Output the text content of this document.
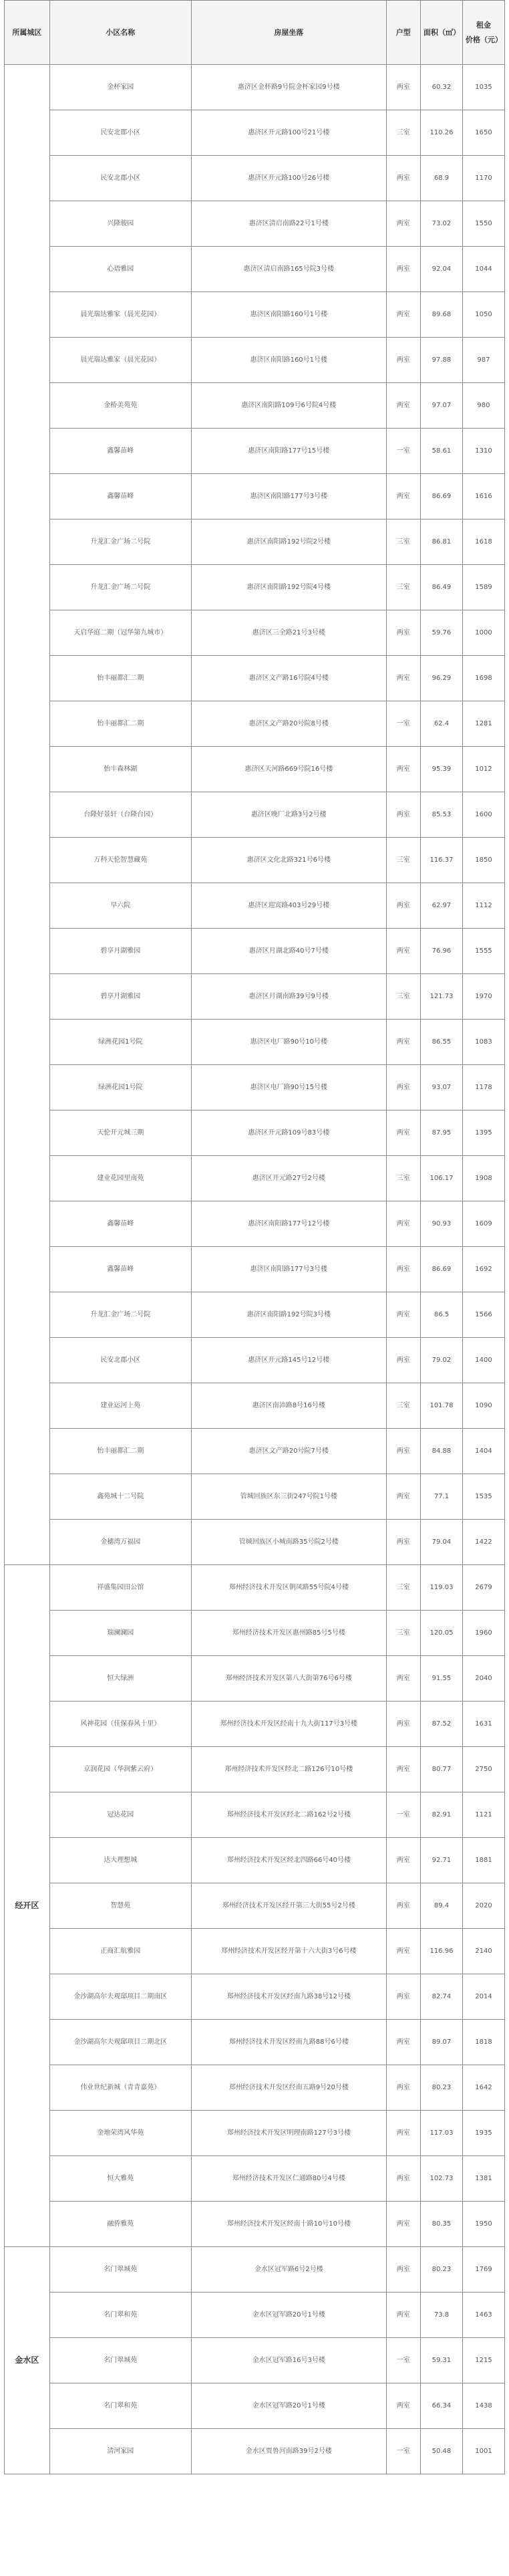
所属城区	小区名称	房屋坐落	户型	面积（㎡）	租金
价格（元）

	金杯家园	惠济区金杯路9号院金杯家园9号楼	两室	60.32	1035
	民安北郡小区	惠济区开元路100号21号楼	三室	110.26	1650
	民安北郡小区	惠济区开元路100号26号楼	两室	68.9	1170
	兴隆骏园	惠济区清启南路22号1号楼	两室	73.02	1550
	心语雅园	惠济区清启南路165号院3号楼	两室	92.04	1044
	晨光瑞达雅家（晨光花园）	惠济区南阳路160号1号楼	两室	89.68	1050
	晨光瑞达雅家（晨光花园）	惠济区南阳路160号1号楼	两室	97.88	987
	金桥美苑苑	惠济区南阳路109号6号院4号楼	两室	97.07	980
	鑫馨苗峰	惠济区南阳路177号15号楼	一室	58.61	1310
	鑫馨苗峰	惠济区南阳路177号3号楼	两室	86.69	1616
	升龙汇金广场二号院	惠济区南阳路192号院2号楼	三室	86.81	1618
	升龙汇金广场二号院	惠济区南阳路192号院4号楼	三室	86.49	1589
	天启华庭二期（冠华第九城市）	惠济区三全路21号3号楼	两室	59.76	1000
	怡丰丽都汇二期	惠济区文产路16号院4号楼	两室	96.29	1698
	怡丰丽都汇二期	惠济区文产路20号院8号楼	一室	62.4	1281
	怡丰森林湖	惠济区天河路669号院16号楼	两室	95.39	1012
	台隆好景轩（台隆台园）	惠济区晚厂北路3号2号楼	两室	85.53	1600
	万科天伦智慧藏苑	惠济区文化北路321号6号楼	三室	116.37	1850
	早六院	惠济区迎宾路403号29号楼	两室	62.97	1112
	碧享月湖雅园	惠济区月湖北路40号7号楼	两室	76.96	1555
	碧享月湖雅园	惠济区月湖南路39号9号楼	三室	121.73	1970
	绿洲花园1号院	惠济区电厂路90号10号楼	两室	86.55	1083
	绿洲花园1号院	惠济区电厂路90号15号楼	两室	93.07	1178
	天伦开元城三期	惠济区开元路109号83号楼	两室	87.95	1395
	建业花园里南苑	惠济区开元路27号2号楼	三室	106.17	1908
	鑫馨苗峰	惠济区南阳路177号12号楼	两室	90.93	1609
	鑫馨苗峰	惠济区南阳路177号3号楼	两室	86.69	1692
	升龙汇金广场二号院	惠济区南阳路192号院3号楼	两室	86.5	1566
	民安北郡小区	惠济区开元路145号12号楼	两室	79.02	1400
	建业运河上苑	惠济区南沛路8号16号楼	三室	101.78	1090
	怡丰丽都汇二期	惠济区文产路20号院7号楼	两室	84.88	1404
	鑫苑城十二号院	管城回族区东三街247号院1号楼	两室	77.1	1535
	金穗湾万福园	管城回族区小城南路35号院2号楼	两室	79.04	1422
经开区	祥盛集园田公馆	郑州经济技术开发区朝凤路55号院4号楼	三室	119.03	2679
	瑞澜澜园	郑州经济技术开发区惠州路85号5号楼	三室	120.05	1960
	恒大绿洲	郑州经济技术开发区第八大街第76号6号楼	两室	91.55	2040
	风神花园（佳保春风十里）	郑州经济技术开发区经南十九大街117号3号楼	两室	87.52	1631
	京润花园（华润紫云府）	郑州经济技术开发区经北二路126号10号楼	两室	80.77	2750
	冠达花园	郑州经济技术开发区经北二路162号2号楼	一室	82.91	1121
	达大理想城	郑州经济技术开发区经北四路66号40号楼	两室	92.71	1881
	智慧苑	郑州经济技术开发区经开第三大街55号2号楼	两室	89.4	2020
	正商汇航雅园	郑州经济技术开发区经开第十六大街3号6号楼	两室	116.96	2140
	金沙湖高尔夫观邸项目二期南区	郑州经济技术开发区经南九路38号12号楼	两室	82.74	2014
	金沙湖高尔夫观邸项目二期北区	郑州经济技术开发区经南九路88号6号楼	两室	89.07	1818
	伟业世纪新城（青青嘉苑）	郑州经济技术开发区经南五路9号20号楼	两室	80.23	1642
	金地荣湾风华苑	郑州经济技术开发区明理南路127号3号楼	两室	117.03	1935
	恒大雅苑	郑州经济技术开发区仁通路80号4号楼	两室	102.73	1381
	融侨雅苑	郑州经济技术开发区经南十路10号10号楼	两室	80.35	1950
金水区	名门翠城苑	金水区冠军路6号2号楼	两室	80.23	1769
	名门翠和苑	金水区冠军路20号1号楼	两室	73.8	1463
	名门翠城苑	金水区冠军路16号3号楼	一室	59.31	1215
	名门翠和苑	金水区冠军路20号1号楼	两室	66.34	1438
	清河家园	金水区贾鲁河南路39号2号楼	一室	50.48	1001
